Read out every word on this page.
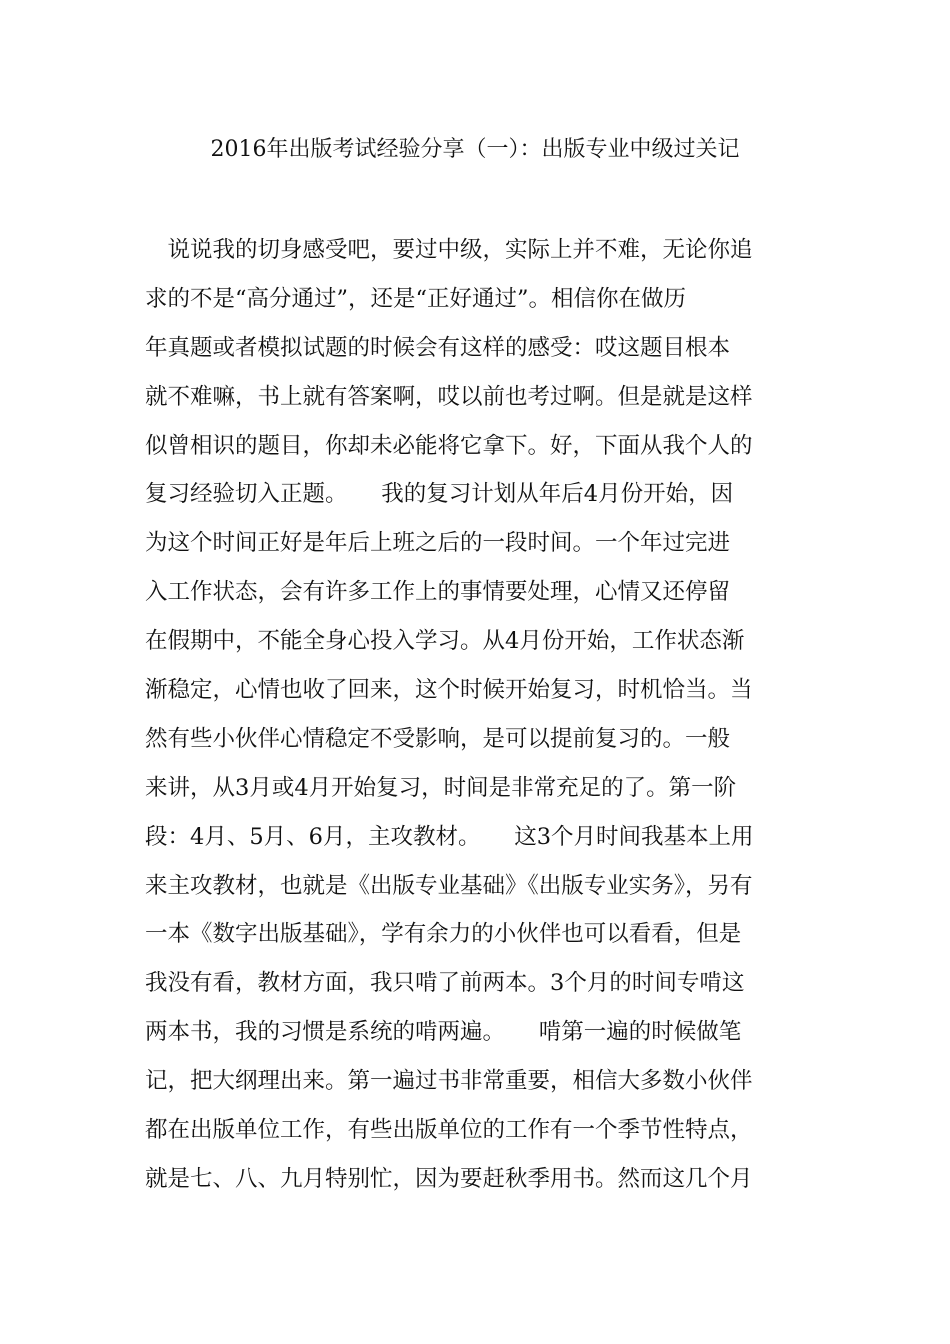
2016年出版考试经验分享（一）：出版专业中级过关记
　说说我的切身感受吧，要过中级，实际上并不难，无论你追
求的不是“高分通过”，还是“正好通过”。相信你在做历
年真题或者模拟试题的时候会有这样的感受：哎这题目根本
就不难嘛，书上就有答案啊，哎以前也考过啊。但是就是这样
似曾相识的题目，你却未必能将它拿下。好，下面从我个人的
复习经验切入正题。　　我的复习计划从年后4月份开始，因
为这个时间正好是年后上班之后的一段时间。一个年过完进
入工作状态，会有许多工作上的事情要处理，心情又还停留
在假期中，不能全身心投入学习。从4月份开始，工作状态渐
渐稳定，心情也收了回来，这个时候开始复习，时机恰当。当
然有些小伙伴心情稳定不受影响，是可以提前复习的。一般
来讲，从3月或4月开始复习，时间是非常充足的了。第一阶
段：4月、5月、6月，主攻教材。　　这3个月时间我基本上用
来主攻教材，也就是《出版专业基础》《出版专业实务》，另有
一本《数字出版基础》，学有余力的小伙伴也可以看看，但是
我没有看，教材方面，我只啃了前两本。3个月的时间专啃这
两本书，我的习惯是系统的啃两遍。　　啃第一遍的时候做笔
记，把大纲理出来。第一遍过书非常重要，相信大多数小伙伴
都在出版单位工作，有些出版单位的工作有一个季节性特点，
就是七、八、九月特别忙，因为要赶秋季用书。然而这几个月
